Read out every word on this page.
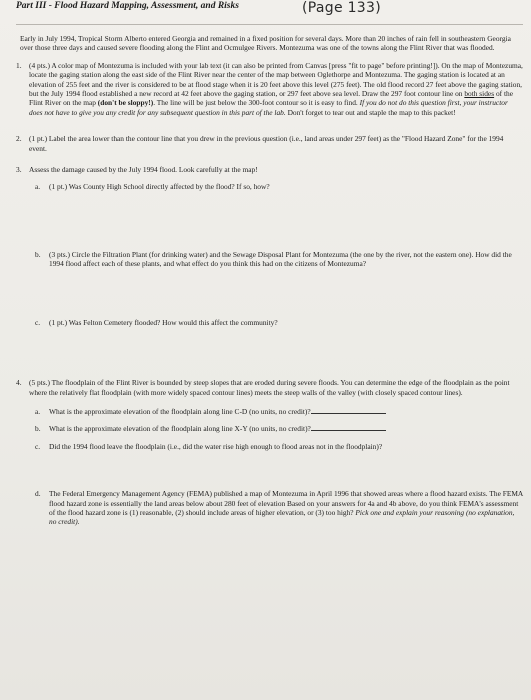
Part III - Flood Hazard Mapping, Assessment, and Risks	(Page 133)
Early in July 1994, Tropical Storm Alberto entered Georgia and remained in a fixed position for several days. More than 20 inches of rain fell in southeastern Georgia over those three days and caused severe flooding along the Flint and Ocmulgee Rivers. Montezuma was one of the towns along the Flint River that was flooded.
1. (4 pts.) A color map of Montezuma is included with your lab text (it can also be printed from Canvas [press "fit to page" before printing!]). On the map of Montezuma, locate the gaging station along the east side of the Flint River near the center of the map between Oglethorpe and Montezuma. The gaging station is located at an elevation of 255 feet and the river is considered to be at flood stage when it is 20 feet above this level (275 feet). The old flood record 27 feet above the gaging station, but the July 1994 flood established a new record at 42 feet above the gaging station, or 297 feet above sea level. Draw the 297 foot contour line on both sides of the Flint River on the map (don't be sloppy!). The line will be just below the 300-foot contour so it is easy to find. If you do not do this question first, your instructor does not have to give you any credit for any subsequent question in this part of the lab. Don't forget to tear out and staple the map to this packet!
2. (1 pt.) Label the area lower than the contour line that you drew in the previous question (i.e., land areas under 297 feet) as the "Flood Hazard Zone" for the 1994 event.
3. Assess the damage caused by the July 1994 flood. Look carefully at the map!
a. (1 pt.) Was County High School directly affected by the flood? If so, how?
b. (3 pts.) Circle the Filtration Plant (for drinking water) and the Sewage Disposal Plant for Montezuma (the one by the river, not the eastern one). How did the 1994 flood affect each of these plants, and what effect do you think this had on the citizens of Montezuma?
c. (1 pt.) Was Felton Cemetery flooded? How would this affect the community?
4. (5 pts.) The floodplain of the Flint River is bounded by steep slopes that are eroded during severe floods. You can determine the edge of the floodplain as the point where the relatively flat floodplain (with more widely spaced contour lines) meets the steep walls of the valley (with closely spaced contour lines).
a. What is the approximate elevation of the floodplain along line C-D (no units, no credit)?
b. What is the approximate elevation of the floodplain along line X-Y (no units, no credit)?
c. Did the 1994 flood leave the floodplain (i.e., did the water rise high enough to flood areas not in the floodplain)?
d. The Federal Emergency Management Agency (FEMA) published a map of Montezuma in April 1996 that showed areas where a flood hazard exists. The FEMA flood hazard zone is essentially the land areas below about 280 feet of elevation Based on your answers for 4a and 4b above, do you think FEMA's assessment of the flood hazard zone is (1) reasonable, (2) should include areas of higher elevation, or (3) too high? Pick one and explain your reasoning (no explanation, no credit).
